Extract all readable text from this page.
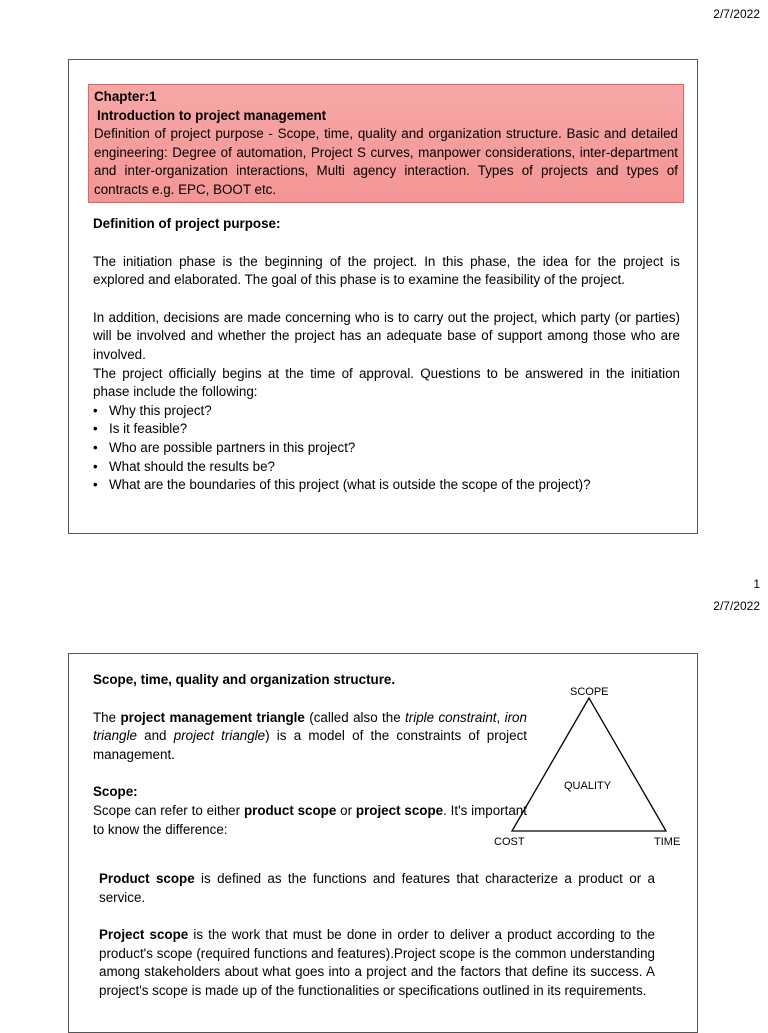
2/7/2022

Chapter:1

Introduction to project management

Definition of project purpose - Scope, time, quality and organization structure. Basic and detailed engineering: Degree of automation, Project S curves, manpower considerations, inter-department and inter-organization interactions, Multi agency interaction. Types of projects and types of contracts e.g. EPC, BOOT etc.

Definition of project purpose:

The initiation phase is the beginning of the project. In this phase, the idea for the project is explored and elaborated. The goal of this phase is to examine the feasibility of the project.

In addition, decisions are made concerning who is to carry out the project, which party (or parties) will be involved and whether the project has an adequate base of support among those who are involved.

The project officially begins at the time of approval. Questions to be answered in the initiation phase include the following:

• Why this project?
• Is it feasible?
• Who are possible partners in this project?
• What should the results be?
• What are the boundaries of this project (what is outside the scope of the project)?
1
2/7/2022

Scope, time, quality and organization structure.

The project management triangle (called also the triple constraint, iron triangle and project triangle) is a model of the constraints of project management.

Scope:

Scope can refer to either product scope or project scope. It's important to know the difference:

SCOPE
QUALITY
COST	TIME

Product scope is defined as the functions and features that characterize a product or a service.

Project scope is the work that must be done in order to deliver a product according to the product's scope (required functions and features).Project scope is the common understanding among stakeholders about what goes into a project and the factors that define its success. A project's scope is made up of the functionalities or specifications outlined in its requirements.
